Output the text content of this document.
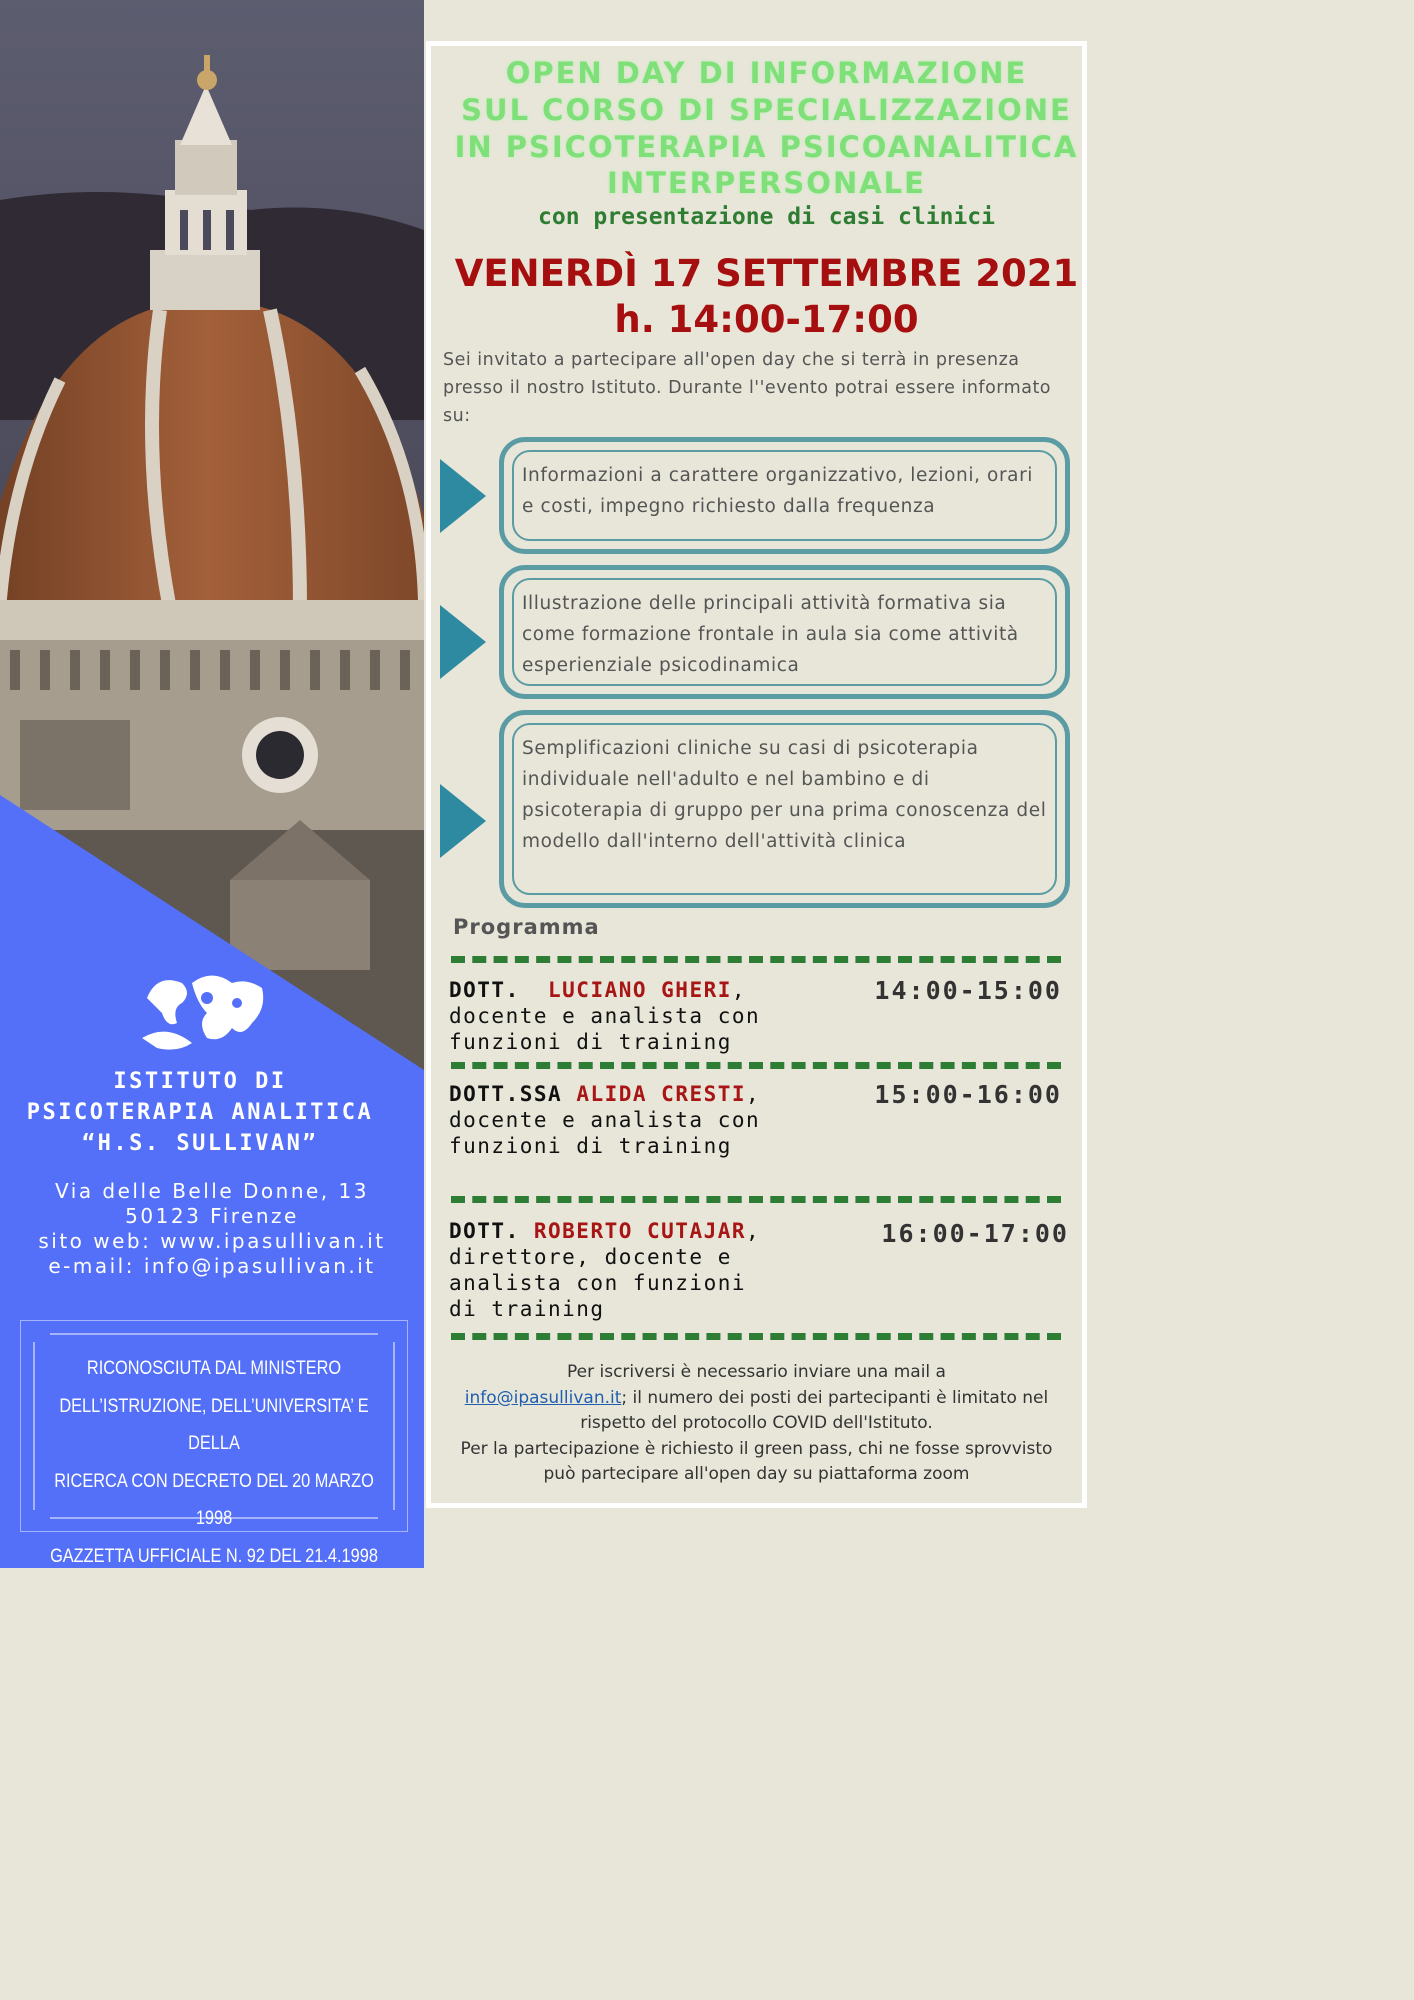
ISTITUTO DI
PSICOTERAPIA ANALITICA
“H.S. SULLIVAN”
Via delle Belle Donne, 13
50123 Firenze
sito web: www.ipasullivan.it
e-mail: info@ipasullivan.it
RICONOSCIUTA DAL MINISTERO
DELL’ISTRUZIONE, DELL’UNIVERSITA’ E DELLA
RICERCA CON DECRETO DEL 20 MARZO 1998
GAZZETTA UFFICIALE N. 92 DEL 21.4.1998
OPEN DAY DI INFORMAZIONE
SUL CORSO DI SPECIALIZZAZIONE
IN PSICOTERAPIA PSICOANALITICA
INTERPERSONALE
con presentazione di casi clinici
VENERDÌ 17 SETTEMBRE 2021
h. 14:00-17:00
Sei invitato a partecipare all'open day che si terrà in presenza presso il nostro Istituto. Durante l''evento potrai essere informato su:
Informazioni a carattere organizzativo, lezioni, orari e costi, impegno richiesto dalla frequenza
Illustrazione delle principali attività formativa sia come formazione frontale in aula sia come attività esperienziale psicodinamica
Semplificazioni cliniche su casi di psicoterapia individuale nell'adulto e nel bambino e di psicoterapia di gruppo per una prima conoscenza del modello dall'interno dell'attività clinica
Programma
DOTT. LUCIANO GHERI, docente e analista con funzioni di training
14:00-15:00
DOTT.SSA ALIDA CRESTI, docente e analista con funzioni di training
15:00-16:00
DOTT. ROBERTO CUTAJAR, direttore, docente e analista con funzioni di training
16:00-17:00
Per iscriversi è necessario inviare una mail a
info@ipasullivan.it; il numero dei posti dei partecipanti è limitato nel rispetto del protocollo COVID dell'Istituto.
Per la partecipazione è richiesto il green pass, chi ne fosse sprovvisto può partecipare all'open day su piattaforma zoom
